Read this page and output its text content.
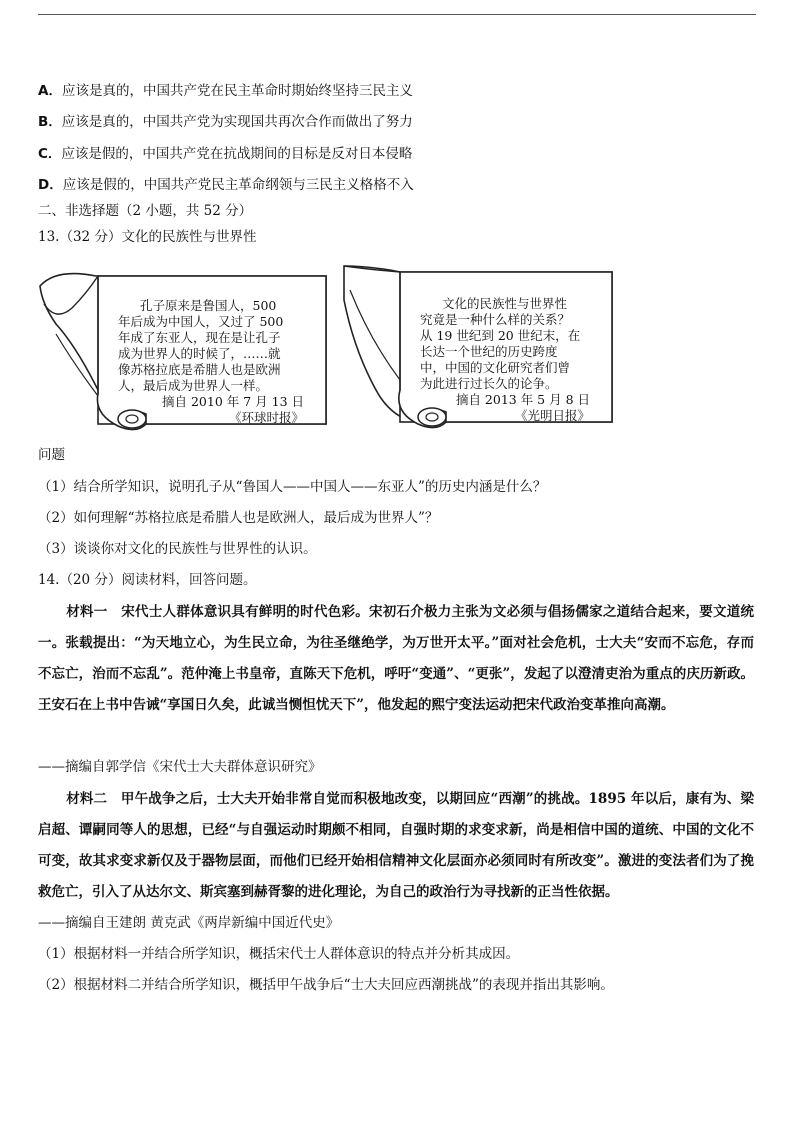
A．应该是真的，中国共产党在民主革命时期始终坚持三民主义
B．应该是真的，中国共产党为实现国共再次合作而做出了努力
C．应该是假的，中国共产党在抗战期间的目标是反对日本侵略
D．应该是假的，中国共产党民主革命纲领与三民主义格格不入
二、非选择题（2 小题，共 52 分）
13.（32 分）文化的民族性与世界性
孔子原来是鲁国人，500
年后成为中国人，又过了 500
年成了东亚人，现在是让孔子
成为世界人的时候了，……就
像苏格拉底是希腊人也是欧洲
人，最后成为世界人一样。
摘自 2010 年 7 月 13 日
《环球时报》
文化的民族性与世界性
究竟是一种什么样的关系？
从 19 世纪到 20 世纪末，在
长达一个世纪的历史跨度
中，中国的文化研究者们曾
为此进行过长久的论争。
摘自 2013 年 5 月 8 日
《光明日报》
问题
（1）结合所学知识，说明孔子从“鲁国人——中国人——东亚人”的历史内涵是什么？
（2）如何理解“苏格拉底是希腊人也是欧洲人，最后成为世界人”？
（3）谈谈你对文化的民族性与世界性的认识。
14.（20 分）阅读材料，回答问题。
材料一　宋代士人群体意识具有鲜明的时代色彩。宋初石介极力主张为文必须与倡扬儒家之道结合起来，要文道统一。张载提出：“为天地立心，为生民立命，为往圣继绝学，为万世开太平。”面对社会危机，士大夫“安而不忘危，存而不忘亡，治而不忘乱”。范仲淹上书皇帝，直陈天下危机，呼吁“变通”、“更张”，发起了以澄清吏治为重点的庆历新政。王安石在上书中告诫“享国日久矣，此诚当恻怛忧天下”，他发起的熙宁变法运动把宋代政治变革推向高潮。
——摘编自郭学信《宋代士大夫群体意识研究》
材料二　甲午战争之后，士大夫开始非常自觉而积极地改变，以期回应“西潮”的挑战。1895 年以后，康有为、梁启超、谭嗣同等人的思想，已经“与自强运动时期颇不相同，自强时期的求变求新，尚是相信中国的道统、中国的文化不可变，故其求变求新仅及于器物层面，而他们已经开始相信精神文化层面亦必须同时有所改变”。激进的变法者们为了挽救危亡，引入了从达尔文、斯宾塞到赫胥黎的进化理论，为自己的政治行为寻找新的正当性依据。
——摘编自王建朗 黄克武《两岸新编中国近代史》
（1）根据材料一并结合所学知识，概括宋代士人群体意识的特点并分析其成因。
（2）根据材料二并结合所学知识，概括甲午战争后“士大夫回应西潮挑战”的表现并指出其影响。
